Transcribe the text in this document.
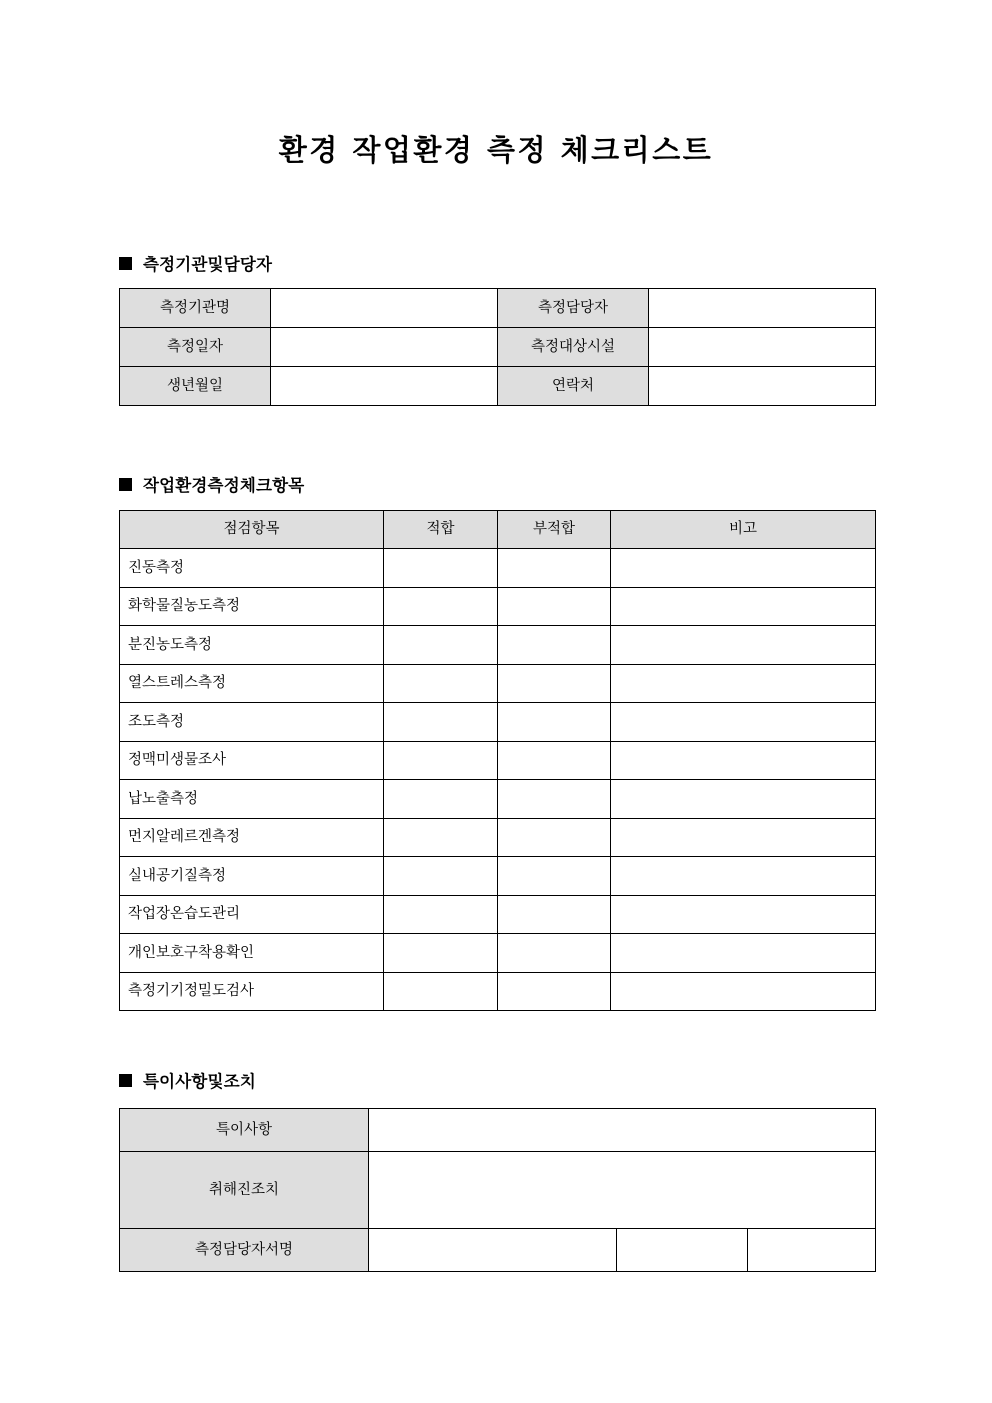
환경 작업환경 측정 체크리스트
측정기관및담당자
측정기관명		측정담당자	
측정일자		측정대상시설	
생년월일		연락처	
작업환경측정체크항목
점검항목	적합	부적합	비고
진동측정			
화학물질농도측정			
분진농도측정			
열스트레스측정			
조도측정			
정맥미생물조사			
납노출측정			
먼지알레르겐측정			
실내공기질측정			
작업장온습도관리			
개인보호구착용확인			
측정기기정밀도검사			
특이사항및조치
특이사항			
취해진조치			
측정담당자서명			
